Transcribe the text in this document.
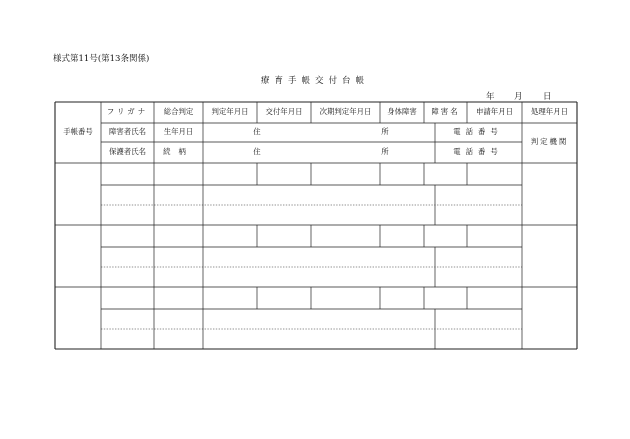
様式第11号(第13条関係)
療育手帳交付台帳
年 月 日
手帳番号
フリガナ	総合判定	判定年月日	交付年月日	次期判定年月日	身体障害	障害名	申請年月日	処理年月日
障害者氏名	生年月日	住	所	電話番号
判定機関
保護者氏名	続柄	住	所	電話番号
